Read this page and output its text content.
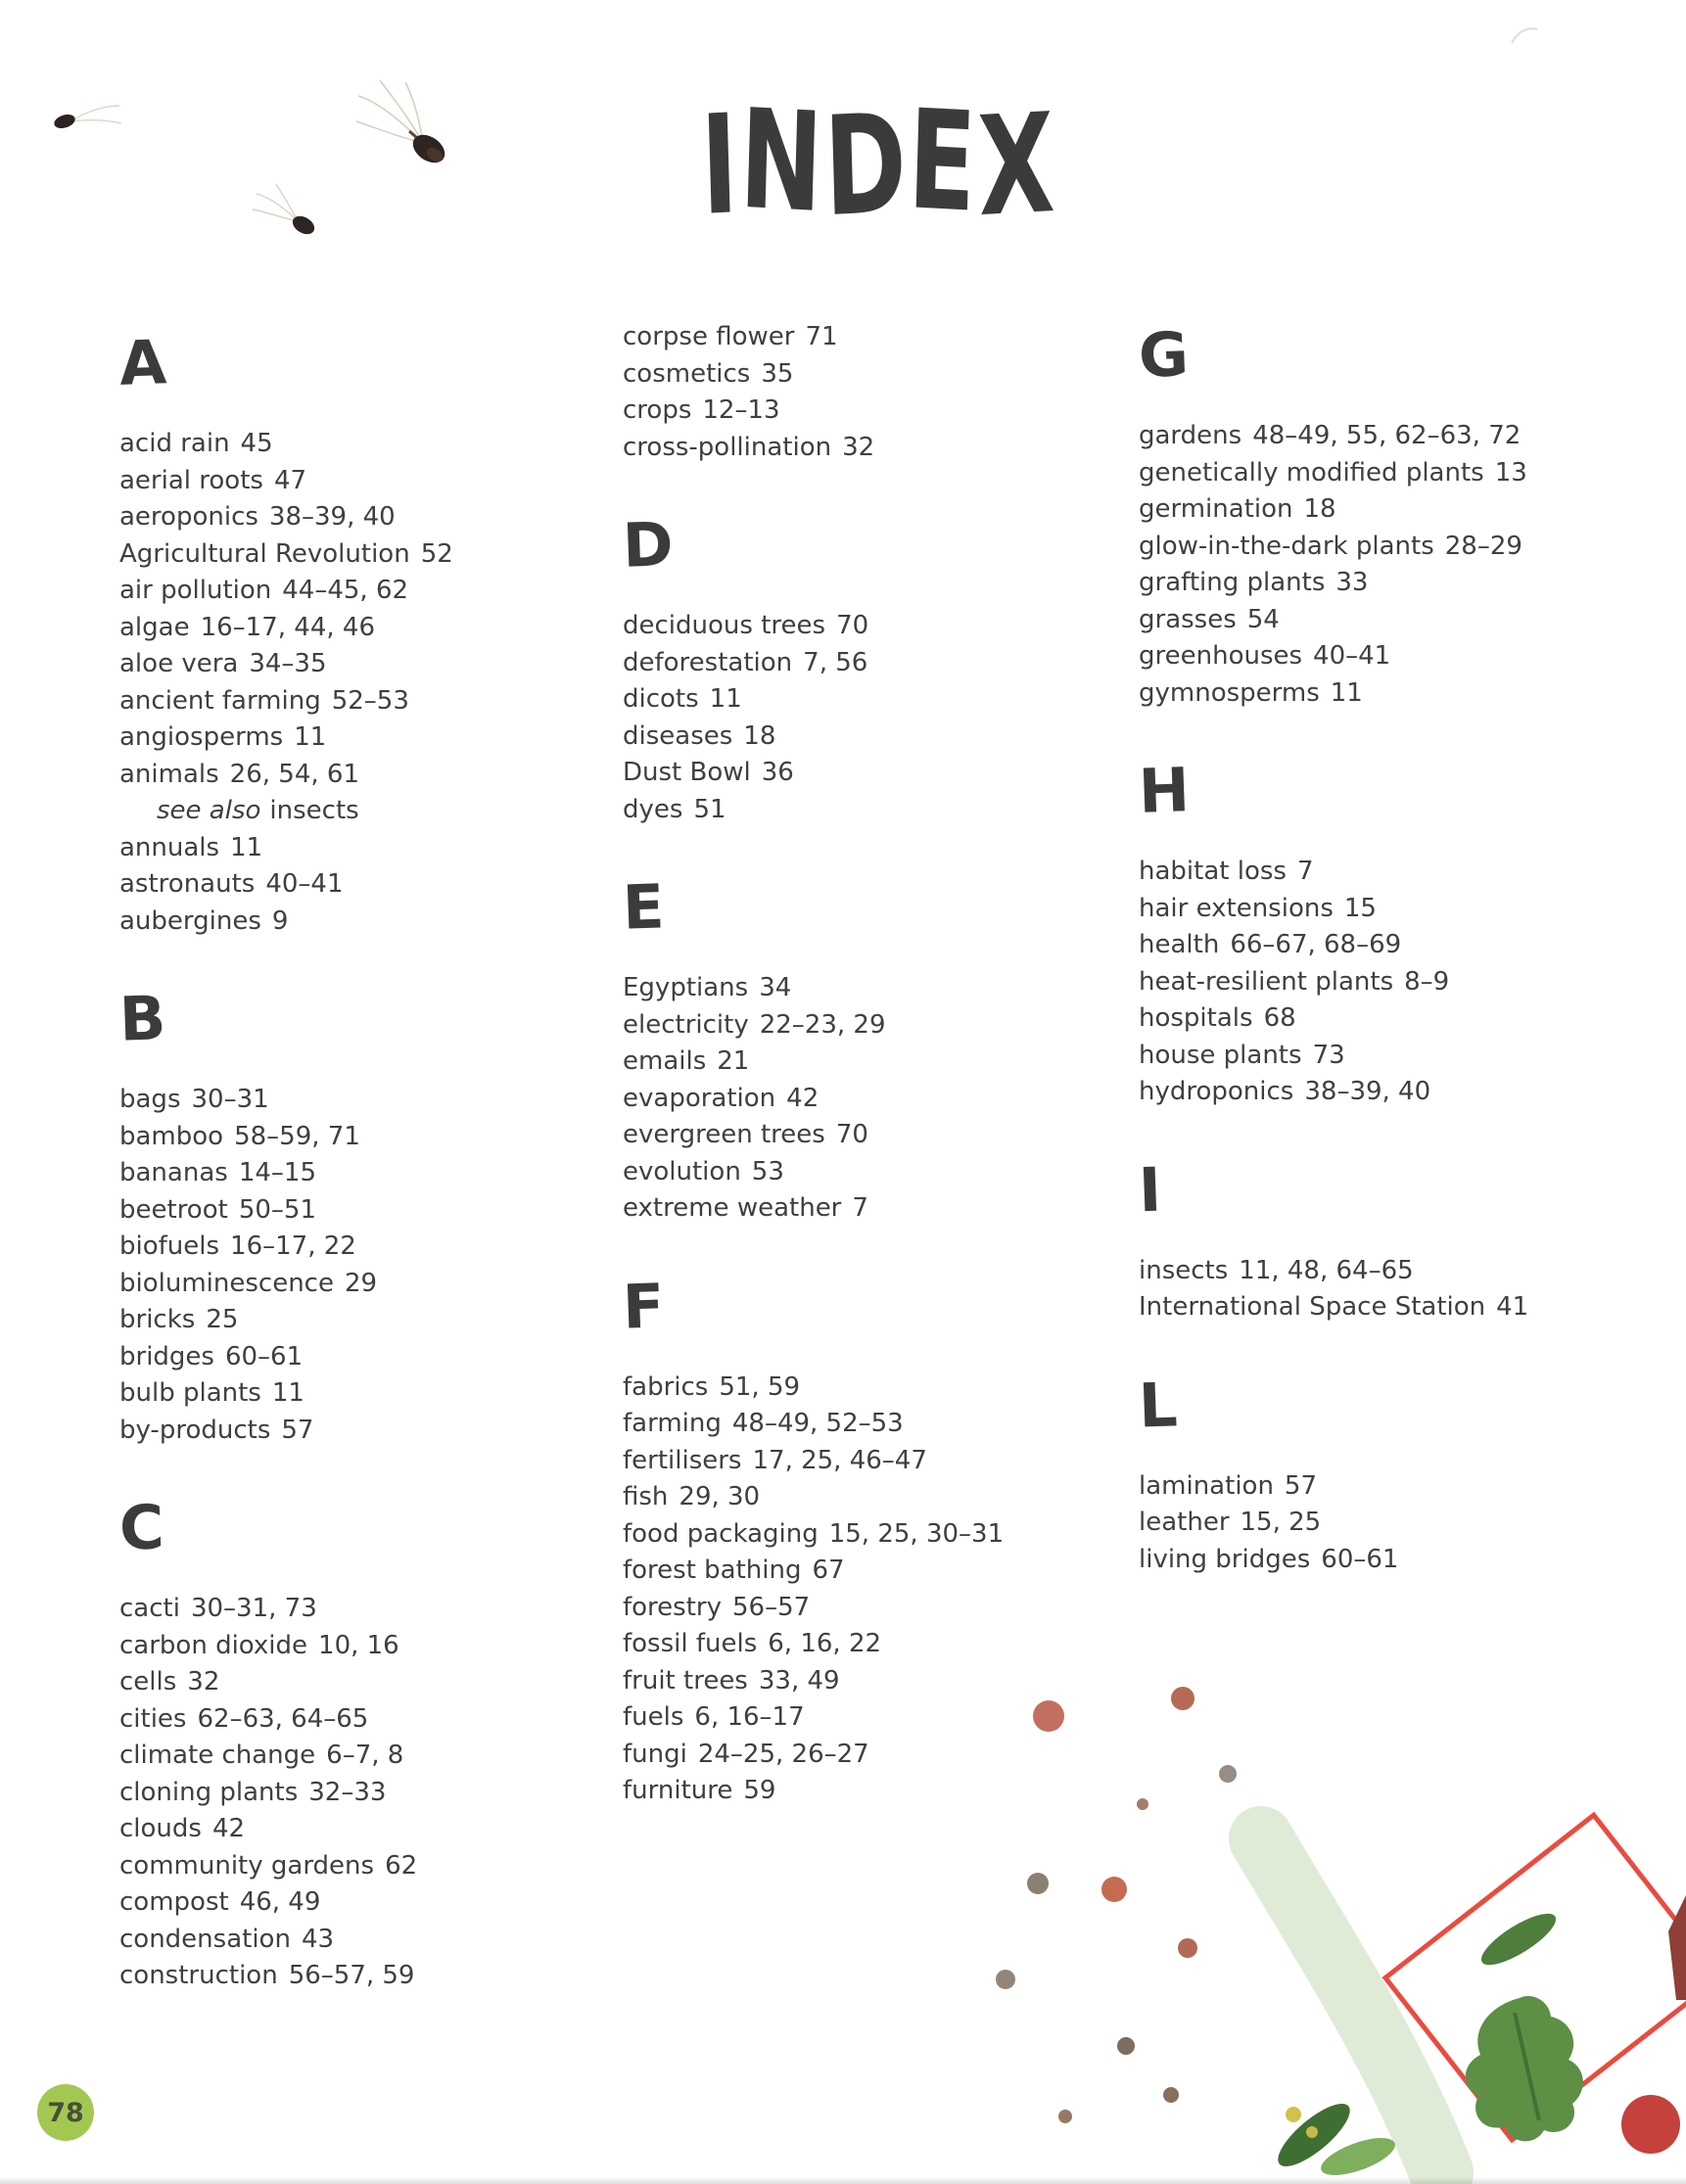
INDEX
A
acid rain 45
aerial roots 47
aeroponics 38–39, 40
Agricultural Revolution 52
air pollution 44–45, 62
algae 16–17, 44, 46
aloe vera 34–35
ancient farming 52–53
angiosperms 11
animals 26, 54, 61
see also insects
annuals 11
astronauts 40–41
aubergines 9
B
bags 30–31
bamboo 58–59, 71
bananas 14–15
beetroot 50–51
biofuels 16–17, 22
bioluminescence 29
bricks 25
bridges 60–61
bulb plants 11
by-products 57
C
cacti 30–31, 73
carbon dioxide 10, 16
cells 32
cities 62–63, 64–65
climate change 6–7, 8
cloning plants 32–33
clouds 42
community gardens 62
compost 46, 49
condensation 43
construction 56–57, 59
corpse flower 71
cosmetics 35
crops 12–13
cross-pollination 32
D
deciduous trees 70
deforestation 7, 56
dicots 11
diseases 18
Dust Bowl 36
dyes 51
E
Egyptians 34
electricity 22–23, 29
emails 21
evaporation 42
evergreen trees 70
evolution 53
extreme weather 7
F
fabrics 51, 59
farming 48–49, 52–53
fertilisers 17, 25, 46–47
fish 29, 30
food packaging 15, 25, 30–31
forest bathing 67
forestry 56–57
fossil fuels 6, 16, 22
fruit trees 33, 49
fuels 6, 16–17
fungi 24–25, 26–27
furniture 59
G
gardens 48–49, 55, 62–63, 72
genetically modified plants 13
germination 18
glow-in-the-dark plants 28–29
grafting plants 33
grasses 54
greenhouses 40–41
gymnosperms 11
H
habitat loss 7
hair extensions 15
health 66–67, 68–69
heat-resilient plants 8–9
hospitals 68
house plants 73
hydroponics 38–39, 40
I
insects 11, 48, 64–65
International Space Station 41
L
lamination 57
leather 15, 25
living bridges 60–61
78
